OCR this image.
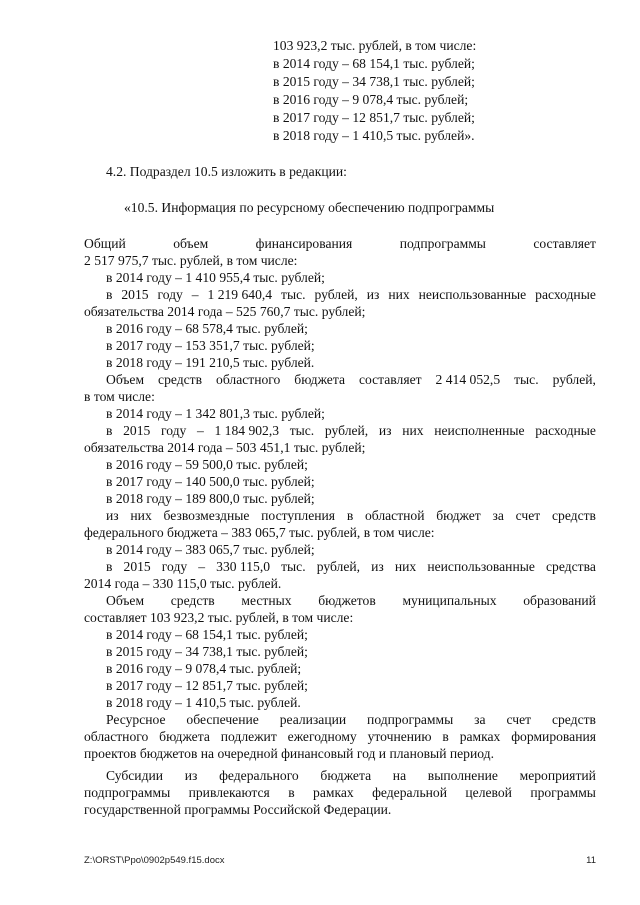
103 923,2 тыс. рублей, в том числе:
в 2014 году – 68 154,1 тыс. рублей;
в 2015 году – 34 738,1 тыс. рублей;
в 2016 году – 9 078,4 тыс. рублей;
в 2017 году – 12 851,7 тыс. рублей;
в 2018 году – 1 410,5 тыс. рублей».
4.2. Подраздел 10.5 изложить в редакции:
«10.5. Информация по ресурсному обеспечению подпрограммы
Общий	объем	финансирования	подпрограммы	составляет
2 517 975,7 тыс. рублей, в том числе:
в 2014 году – 1 410 955,4 тыс. рублей;
в 2015 году – 1 219 640,4 тыс. рублей, из них неиспользованные расходные
обязательства 2014 года – 525 760,7 тыс. рублей;
в 2016 году – 68 578,4 тыс. рублей;
в 2017 году – 153 351,7 тыс. рублей;
в 2018 году – 191 210,5 тыс. рублей.
Объем средств областного бюджета составляет 2 414 052,5 тыс. рублей,
в том числе:
в 2014 году – 1 342 801,3 тыс. рублей;
в 2015 году – 1 184 902,3 тыс. рублей, из них неисполненные расходные
обязательства 2014 года – 503 451,1 тыс. рублей;
в 2016 году – 59 500,0 тыс. рублей;
в 2017 году – 140 500,0 тыс. рублей;
в 2018 году – 189 800,0 тыс. рублей;
из них безвозмездные поступления в областной бюджет за счет средств
федерального бюджета – 383 065,7 тыс. рублей, в том числе:
в 2014 году – 383 065,7 тыс. рублей;
в 2015 году – 330 115,0 тыс. рублей, из них неиспользованные средства
2014 года – 330 115,0 тыс. рублей.
Объем средств местных бюджетов муниципальных образований
составляет 103 923,2 тыс. рублей, в том числе:
в 2014 году – 68 154,1 тыс. рублей;
в 2015 году – 34 738,1 тыс. рублей;
в 2016 году – 9 078,4 тыс. рублей;
в 2017 году – 12 851,7 тыс. рублей;
в 2018 году – 1 410,5 тыс. рублей.
Ресурсное обеспечение реализации подпрограммы за счет средств
областного бюджета подлежит ежегодному уточнению в рамках формирования
проектов бюджетов на очередной финансовый год и плановый период.
Субсидии из федерального бюджета на выполнение мероприятий
подпрограммы привлекаются в рамках федеральной целевой программы
государственной программы Российской Федерации.
Z:\ORST\Ppo\0902p549.f15.docx	11
